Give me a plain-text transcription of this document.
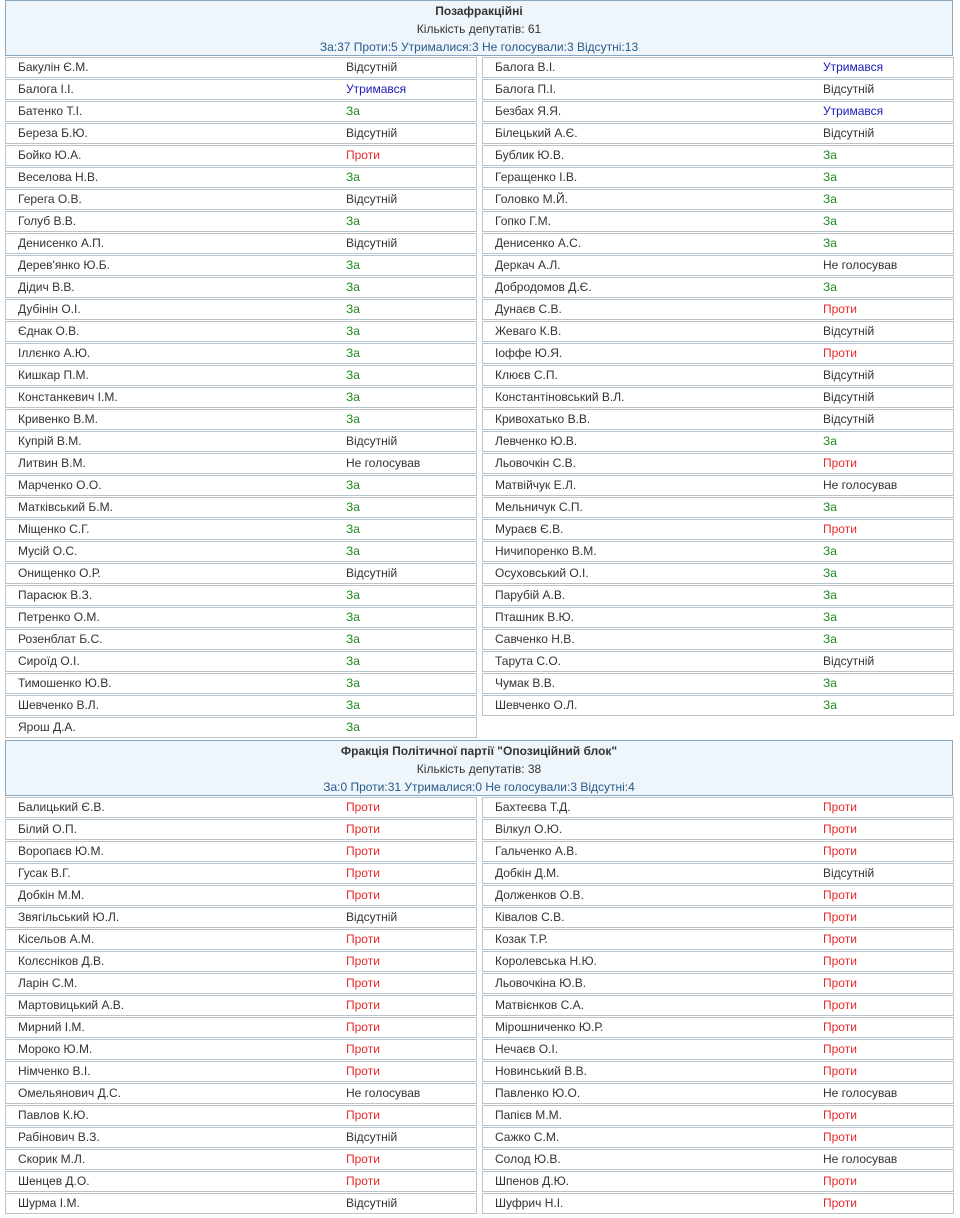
Позафракційні
Кількість депутатів: 61
За:37 Проти:5 Утрималися:3 Не голосували:3 Відсутні:13
Бакулін Є.М.	Відсутній	Балога В.І.	Утримався
Балога І.І.	Утримався	Балога П.І.	Відсутній
Батенко Т.І.	За	Безбах Я.Я.	Утримався
Береза Б.Ю.	Відсутній	Білецький А.Є.	Відсутній
Бойко Ю.А.	Проти	Бублик Ю.В.	За
Веселова Н.В.	За	Геращенко І.В.	За
Герега О.В.	Відсутній	Головко М.Й.	За
Голуб В.В.	За	Гопко Г.М.	За
Денисенко А.П.	Відсутній	Денисенко А.С.	За
Дерев'янко Ю.Б.	За	Деркач А.Л.	Не голосував
Дідич В.В.	За	Добродомов Д.Є.	За
Дубінін О.І.	За	Дунаєв С.В.	Проти
Єднак О.В.	За	Жеваго К.В.	Відсутній
Іллєнко А.Ю.	За	Іоффе Ю.Я.	Проти
Кишкар П.М.	За	Клюєв С.П.	Відсутній
Констанкевич І.М.	За	Константіновський В.Л.	Відсутній
Кривенко В.М.	За	Кривохатько В.В.	Відсутній
Купрій В.М.	Відсутній	Левченко Ю.В.	За
Литвин В.М.	Не голосував	Льовочкін С.В.	Проти
Марченко О.О.	За	Матвійчук Е.Л.	Не голосував
Матківський Б.М.	За	Мельничук С.П.	За
Міщенко С.Г.	За	Мураєв Є.В.	Проти
Мусій О.С.	За	Ничипоренко В.М.	За
Онищенко О.Р.	Відсутній	Осуховський О.І.	За
Парасюк В.З.	За	Парубій А.В.	За
Петренко О.М.	За	Пташник В.Ю.	За
Розенблат Б.С.	За	Савченко Н.В.	За
Сироїд О.І.	За	Тарута С.О.	Відсутній
Тимошенко Ю.В.	За	Чумак В.В.	За
Шевченко В.Л.	За	Шевченко О.Л.	За
Ярош Д.А.	За
Фракція Політичної партії "Опозиційний блок"
Кількість депутатів: 38
За:0 Проти:31 Утрималися:0 Не голосували:3 Відсутні:4
Балицький Є.В.	Проти	Бахтеєва Т.Д.	Проти
Білий О.П.	Проти	Вілкул О.Ю.	Проти
Воропаєв Ю.М.	Проти	Гальченко А.В.	Проти
Гусак В.Г.	Проти	Добкін Д.М.	Відсутній
Добкін М.М.	Проти	Долженков О.В.	Проти
Звягільський Ю.Л.	Відсутній	Ківалов С.В.	Проти
Кісельов А.М.	Проти	Козак Т.Р.	Проти
Колєсніков Д.В.	Проти	Королевська Н.Ю.	Проти
Ларін С.М.	Проти	Льовочкіна Ю.В.	Проти
Мартовицький А.В.	Проти	Матвієнков С.А.	Проти
Мирний І.М.	Проти	Мірошниченко Ю.Р.	Проти
Мороко Ю.М.	Проти	Нечаєв О.І.	Проти
Німченко В.І.	Проти	Новинський В.В.	Проти
Омельянович Д.С.	Не голосував	Павленко Ю.О.	Не голосував
Павлов К.Ю.	Проти	Папієв М.М.	Проти
Рабінович В.З.	Відсутній	Сажко С.М.	Проти
Скорик М.Л.	Проти	Солод Ю.В.	Не голосував
Шенцев Д.О.	Проти	Шпенов Д.Ю.	Проти
Шурма І.М.	Відсутній	Шуфрич Н.І.	Проти
